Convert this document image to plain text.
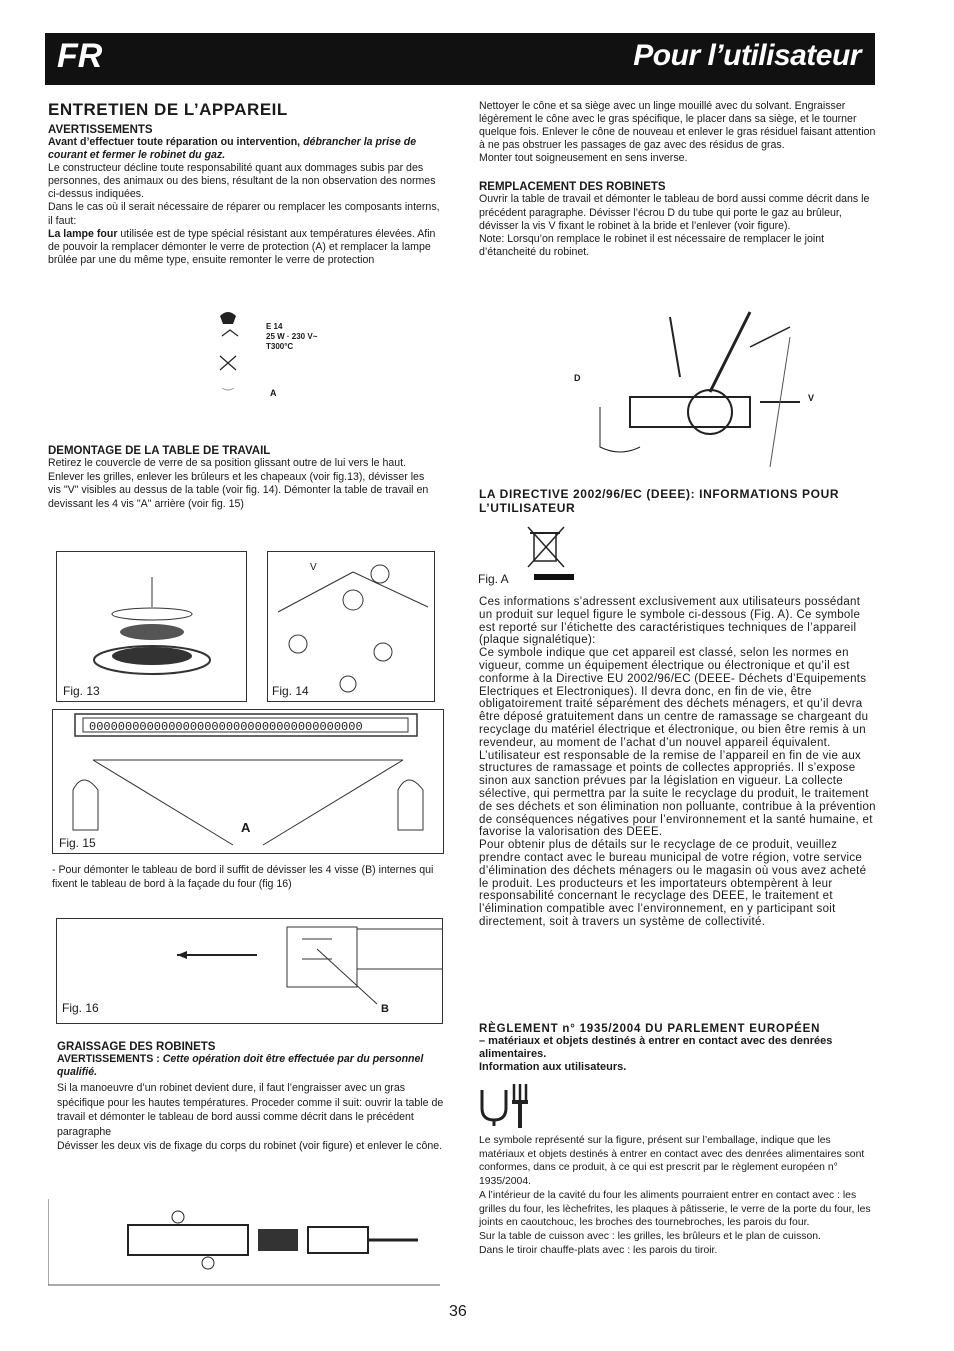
FR	Pour l’utilisateur
ENTRETIEN DE L’APPAREIL
AVERTISSEMENTS

Avant d’effectuer toute réparation ou intervention, débrancher la prise de courant et fermer le robinet du gaz.

Le constructeur décline toute responsabilité quant aux dommages subis par des personnes, des animaux ou des biens, résultant de la non observation des normes ci-dessus indiquées.

Dans le cas où il serait nécessaire de réparer ou remplacer les composants interns, il faut:

La lampe four utilisée est de type spécial résistant aux températures élevées. Afin de pouvoir la remplacer démonter le verre de protection (A) et remplacer la lampe brûlée par une du même type, ensuite remonter le verre de protection

E 14
25 W · 230 V~
T300°C
A
DEMONTAGE DE LA TABLE DE TRAVAIL

Retirez le couvercle de verre de sa position glissant outre de lui vers le haut. Enlever les grilles, enlever les brûleurs et les chapeaux (voir fig.13), dévisser les vis "V" visibles au dessus de la table (voir fig. 14). Démonter la table de travail en devissant les 4 vis "A" arrière (voir fig. 15)

Fig. 13
V
Fig. 14
00000000000000000000000000000000000000
A
Fig. 15

- Pour démonter le tableau de bord il suffit de dévisser les 4 visse (B) internes qui fixent le tableau de bord à la façade du four (fig 16)

B
Fig. 16
GRAISSAGE DES ROBINETS

AVERTISSEMENTS : Cette opération doit être effectuée par du personnel qualifié.

Si la manoeuvre d’un robinet devient dure, il faut l’engraisser avec un gras spécifique pour les hautes températures. Proceder comme il suit: ouvrir la table de travail et démonter le tableau de bord aussi comme décrit dans le précédent paragraphe

Dévisser les deux vis de fixage du corps du robinet (voir figure) et enlever le cône.

Nettoyer le cône et sa siège avec un linge mouillé avec du solvant. Engraisser légèrement le cône avec le gras spécifique, le placer dans sa siège, et le tourner quelque fois. Enlever le cône de nouveau et enlever le gras résiduel faisant attention à ne pas obstruer les passages de gaz avec des résidus de gras.

Monter tout soigneusement en sens inverse.

REMPLACEMENT DES ROBINETS

Ouvrir la table de travail et démonter le tableau de bord aussi comme décrit dans le précédent paragraphe. Dévisser l’écrou D du tube qui porte le gaz au brûleur, dévisser la vis V fixant le robinet à la bride et l’enlever (voir figure).

Note: Lorsqu’on remplace le robinet il est nécessaire de remplacer le joint d’étancheité du robinet.

D
V
LA DIRECTIVE 2002/96/EC (DEEE): INFORMATIONS POUR L’UTILISATEUR
Fig. A

Ces informations s’adressent exclusivement aux utilisateurs possédant un produit sur lequel figure le symbole ci-dessous (Fig. A). Ce symbole est reporté sur l’étichette des caractéristiques techniques de l’appareil (plaque signalétique):

Ce symbole indique que cet appareil est classé, selon les normes en vigueur, comme un équipement électrique ou électronique et qu’il est conforme à la Directive EU 2002/96/EC (DEEE- Déchets d’Equipements Electriques et Electroniques). Il devra donc, en fin de vie, être obligatoirement traité séparément des déchets ménagers, et qu’il devra être déposé gratuitement dans un centre de ramassage se chargeant du recyclage du matériel électrique et électronique, ou bien être remis à un revendeur, au moment de l’achat d’un nouvel appareil équivalent.

L’utilisateur est responsable de la remise de l’appareil en fin de vie aux structures de ramassage et points de collectes appropriés. Il s’expose sinon aux sanction prévues par la législation en vigueur. La collecte sélective, qui permettra par la suite le recyclage du produit, le traitement de ses déchets et son élimination non polluante, contribue à la prévention de conséquences négatives pour l’environnement et la santé humaine, et favorise la valorisation des DEEE.

Pour obtenir plus de détails sur le recyclage de ce produit, veuillez prendre contact avec le bureau municipal de votre région, votre service d’élimination des déchets ménagers ou le magasin où vous avez acheté le produit. Les producteurs et les importateurs obtempèrent à leur responsabilité concernant le recyclage des DEEE, le traitement et l’élimination compatible avec l’environnement, en y participant soit directement, soit à travers un système de collectivité.

RÈGLEMENT n° 1935/2004 DU PARLEMENT EUROPÉEN

– matériaux et objets destinés à entrer en contact avec des denrées alimentaires.

Information aux utilisateurs.

Le symbole représenté sur la figure, présent sur l’emballage, indique que les matériaux et objets destinés à entrer en contact avec des denrées alimentaires sont conformes, dans ce produit, à ce qui est prescrit par le règlement européen n° 1935/2004.

A l’intérieur de la cavité du four les aliments pourraient entrer en contact avec : les grilles du four, les lèchefrites, les plaques à pâtisserie, le verre de la porte du four, les joints en caoutchouc, les broches des tournebroches, les parois du four.

Sur la table de cuisson avec : les grilles, les brûleurs et le plan de cuisson.

Dans le tiroir chauffe-plats avec : les parois du tiroir.

36
